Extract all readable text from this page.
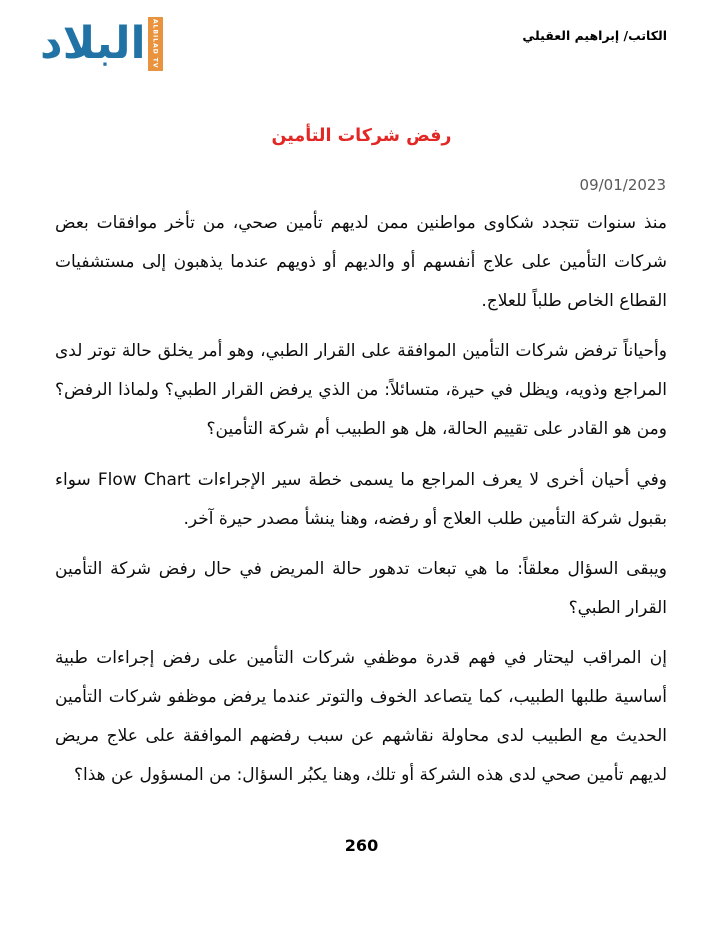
البلاد ALBILAD TV	الكاتب/ إبراهيم العقيلي
رفض شركات التأمين
09/01/2023

منذ سنوات تتجدد شكاوى مواطنين ممن لديهم تأمين صحي، من تأخر موافقات بعض شركات التأمين على علاج أنفسهم أو والديهم أو ذويهم عندما يذهبون إلى مستشفيات القطاع الخاص طلباً للعلاج.

وأحياناً ترفض شركات التأمين الموافقة على القرار الطبي، وهو أمر يخلق حالة توتر لدى المراجع وذويه، ويظل في حيرة، متسائلاً: من الذي يرفض القرار الطبي؟ ولماذا الرفض؟ ومن هو القادر على تقييم الحالة، هل هو الطبيب أم شركة التأمين؟

وفي أحيان أخرى لا يعرف المراجع ما يسمى خطة سير الإجراءات Flow Chart سواء بقبول شركة التأمين طلب العلاج أو رفضه، وهنا ينشأ مصدر حيرة آخر.

ويبقى السؤال معلقاً: ما هي تبعات تدهور حالة المريض في حال رفض شركة التأمين القرار الطبي؟

إن المراقب ليحتار في فهم قدرة موظفي شركات التأمين على رفض إجراءات طبية أساسية طلبها الطبيب، كما يتصاعد الخوف والتوتر عندما يرفض موظفو شركات التأمين الحديث مع الطبيب لدى محاولة نقاشهم عن سبب رفضهم الموافقة على علاج مريض لديهم تأمين صحي لدى هذه الشركة أو تلك، وهنا يكبُر السؤال: من المسؤول عن هذا؟

260
